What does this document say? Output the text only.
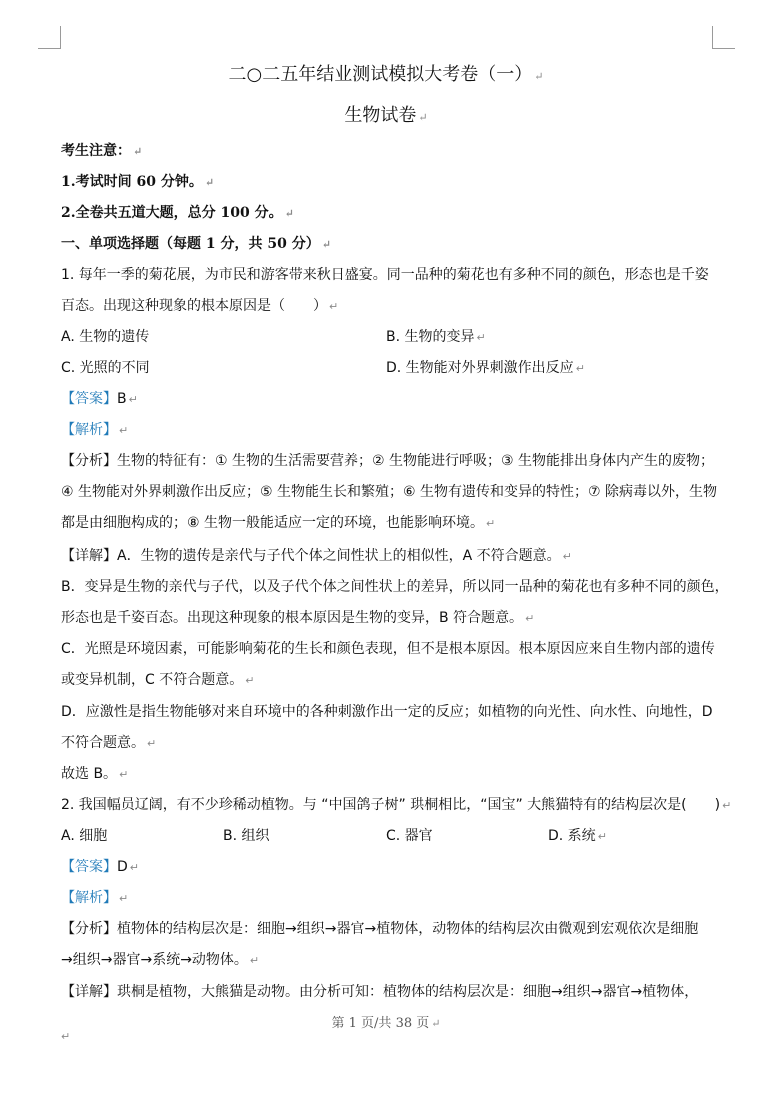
二○二五年结业测试模拟大考卷（一） ↵
生物试卷 ↵
考生注意： ↵
1.考试时间 60 分钟。 ↵
2.全卷共五道大题，总分 100 分。 ↵
一、单项选择题（每题 1 分，共 50 分） ↵
1. 每年一季的菊花展，为市民和游客带来秋日盛宴。同一品种的菊花也有多种不同的颜色，形态也是千姿
百态。出现这种现象的根本原因是（　　） ↵
A. 生物的遗传	B. 生物的变异 ↵
C. 光照的不同	D. 生物能对外界刺激作出反应 ↵
【答案】B ↵
【解析】 ↵
【分析】生物的特征有：① 生物的生活需要营养；② 生物能进行呼吸；③ 生物能排出身体内产生的废物；
④ 生物能对外界刺激作出反应；⑤ 生物能生长和繁殖；⑥ 生物有遗传和变异的特性；⑦ 除病毒以外，生物
都是由细胞构成的；⑧ 生物一般能适应一定的环境，也能影响环境。 ↵
【详解】A．生物的遗传是亲代与子代个体之间性状上的相似性，A 不符合题意。 ↵
B．变异是生物的亲代与子代，以及子代个体之间性状上的差异，所以同一品种的菊花也有多种不同的颜色，
形态也是千姿百态。出现这种现象的根本原因是生物的变异，B 符合题意。 ↵
C．光照是环境因素，可能影响菊花的生长和颜色表现，但不是根本原因。根本原因应来自生物内部的遗传
或变异机制，C 不符合题意。 ↵
D．应激性是指生物能够对来自环境中的各种刺激作出一定的反应；如植物的向光性、向水性、向地性，D
不符合题意。 ↵
故选 B。 ↵
2. 我国幅员辽阔，有不少珍稀动植物。与 “中国鸽子树” 珙桐相比，“国宝” 大熊猫特有的结构层次是(　　) ↵
A. 细胞	B. 组织	C. 器官	D. 系统 ↵
【答案】D ↵
【解析】 ↵
【分析】植物体的结构层次是：细胞→组织→器官→植物体，动物体的结构层次由微观到宏观依次是细胞
→组织→器官→系统→动物体。 ↵
【详解】珙桐是植物，大熊猫是动物。由分析可知：植物体的结构层次是：细胞→组织→器官→植物体，
第 1 页/共 38 页 ↵
↵
